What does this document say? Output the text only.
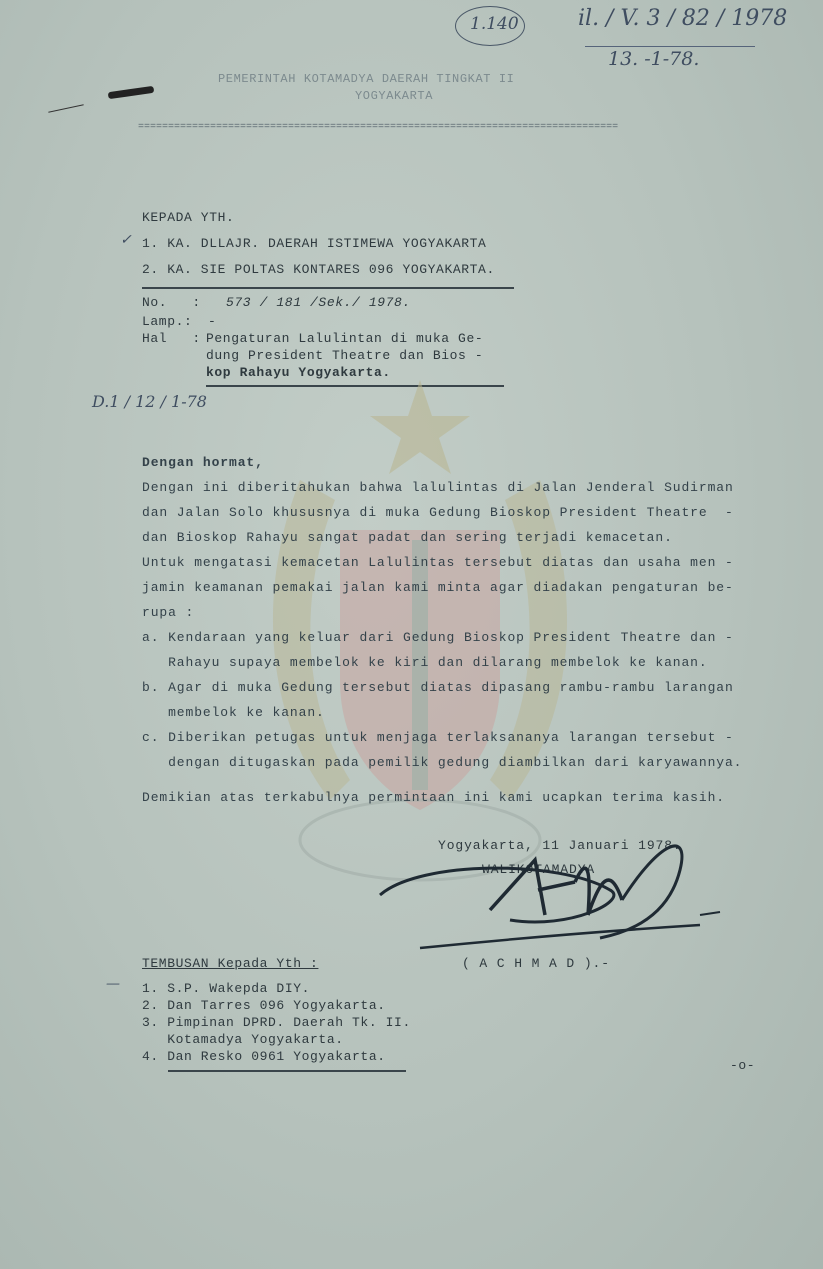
1.140	il. / V. 3 / 82 / 1978
13. -1-78.
D.1 / 12 / 1-78
PEMERINTAH KOTAMADYA DAERAH TINGKAT II
YOGYAKARTA
================================================================================
KEPADA YTH.
✓ 1. KA. DLLAJR. DAERAH ISTIMEWA YOGYAKARTA
2. KA. SIE POLTAS KONTARES 096 YOGYAKARTA.
No.   : 573 / 181 /Sek./ 1978.
Lamp.: -
Hal   : Pengaturan Lalulintan di muka Ge-
dung President Theatre dan Bios -
kop Rahayu Yogyakarta.
Dengan hormat,
Dengan ini diberitahukan bahwa lalulintas di Jalan Jenderal Sudirman
dan Jalan Solo khususnya di muka Gedung Bioskop President Theatre  -
dan Bioskop Rahayu sangat padat dan sering terjadi kemacetan.
Untuk mengatasi kemacetan Lalulintas tersebut diatas dan usaha men -
jamin keamanan pemakai jalan kami minta agar diadakan pengaturan be-
rupa :
a. Kendaraan yang keluar dari Gedung Bioskop President Theatre dan -
Rahayu supaya membelok ke kiri dan dilarang membelok ke kanan.
b. Agar di muka Gedung tersebut diatas dipasang rambu-rambu larangan
membelok ke kanan.
c. Diberikan petugas untuk menjaga terlaksananya larangan tersebut -
dengan ditugaskan pada pemilik gedung diambilkan dari karyawannya.
Demikian atas terkabulnya permintaan ini kami ucapkan terima kasih.
Yogyakarta, 11 Januari 1978.
WALIKOTAMADYA
( A C H M A D ).-
TEMBUSAN Kepada Yth :
— 1. S.P. Wakepda DIY.
2. Dan Tarres 096 Yogyakarta.
3. Pimpinan DPRD. Daerah Tk. II.
Kotamadya Yogyakarta.
4. Dan Resko 0961 Yogyakarta.
-o-
